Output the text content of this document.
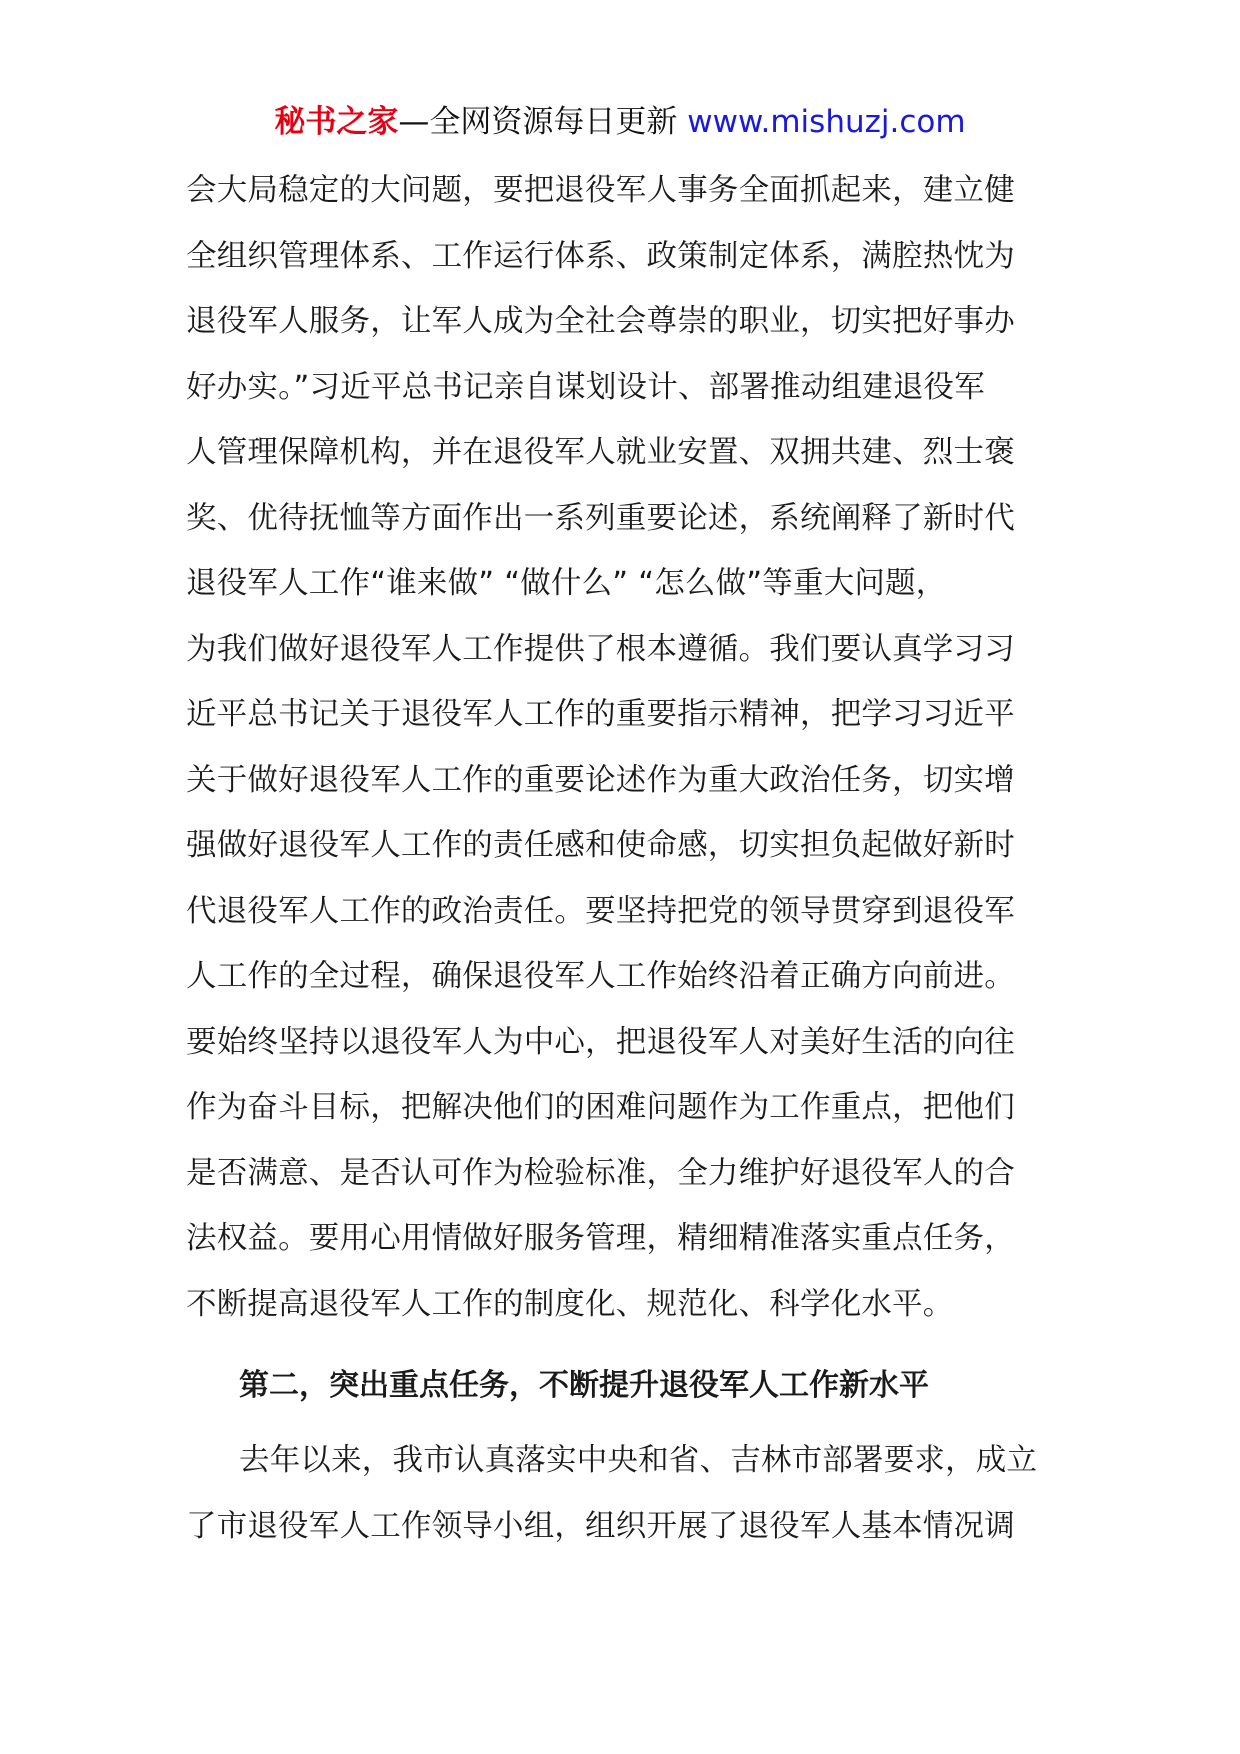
秘书之家—全网资源每日更新 www.mishuzj.com

会大局稳定的大问题，要把退役军人事务全面抓起来，建立健
全组织管理体系、工作运行体系、政策制定体系，满腔热忱为
退役军人服务，让军人成为全社会尊崇的职业，切实把好事办
好办实。”习近平总书记亲自谋划设计、部署推动组建退役军
人管理保障机构，并在退役军人就业安置、双拥共建、烈士褒
奖、优待抚恤等方面作出一系列重要论述，系统阐释了新时代
退役军人工作“谁来做” “做什么” “怎么做”等重大问题，
为我们做好退役军人工作提供了根本遵循。我们要认真学习习
近平总书记关于退役军人工作的重要指示精神，把学习习近平
关于做好退役军人工作的重要论述作为重大政治任务，切实增
强做好退役军人工作的责任感和使命感，切实担负起做好新时
代退役军人工作的政治责任。要坚持把党的领导贯穿到退役军
人工作的全过程，确保退役军人工作始终沿着正确方向前进。
要始终坚持以退役军人为中心，把退役军人对美好生活的向往
作为奋斗目标，把解决他们的困难问题作为工作重点，把他们
是否满意、是否认可作为检验标准，全力维护好退役军人的合
法权益。要用心用情做好服务管理，精细精准落实重点任务，
不断提高退役军人工作的制度化、规范化、科学化水平。

第二，突出重点任务，不断提升退役军人工作新水平

去年以来，我市认真落实中央和省、吉林市部署要求，成立
了市退役军人工作领导小组，组织开展了退役军人基本情况调
